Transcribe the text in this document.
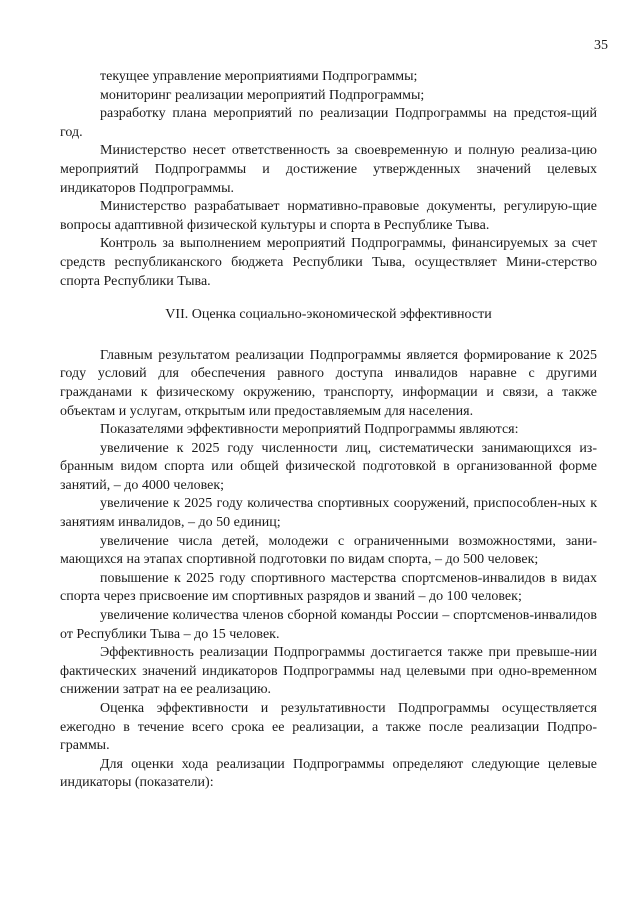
35

текущее управление мероприятиями Подпрограммы;

мониторинг реализации мероприятий Подпрограммы;

разработку плана мероприятий по реализации Подпрограммы на предстоя-щий год.

Министерство несет ответственность за своевременную и полную реализа-цию мероприятий Подпрограммы и достижение утвержденных значений целевых индикаторов Подпрограммы.

Министерство разрабатывает нормативно-правовые документы, регулирую-щие вопросы адаптивной физической культуры и спорта в Республике Тыва.

Контроль за выполнением мероприятий Подпрограммы, финансируемых за счет средств республиканского бюджета Республики Тыва, осуществляет Мини-стерство спорта Республики Тыва.

VII. Оценка социально-экономической эффективности

Главным результатом реализации Подпрограммы является формирование к 2025 году условий для обеспечения равного доступа инвалидов наравне с другими гражданами к физическому окружению, транспорту, информации и связи, а также объектам и услугам, открытым или предоставляемым для населения.

Показателями эффективности мероприятий Подпрограммы являются:

увеличение к 2025 году численности лиц, систематически занимающихся из-бранным видом спорта или общей физической подготовкой в организованной форме занятий, – до 4000 человек;

увеличение к 2025 году количества спортивных сооружений, приспособлен-ных к занятиям инвалидов, – до 50 единиц;

увеличение числа детей, молодежи с ограниченными возможностями, зани-мающихся на этапах спортивной подготовки по видам спорта, – до 500 человек;

повышение к 2025 году спортивного мастерства спортсменов-инвалидов в видах спорта через присвоение им спортивных разрядов и званий – до 100 человек;

увеличение количества членов сборной команды России – спортсменов-инвалидов от Республики Тыва – до 15 человек.

Эффективность реализации Подпрограммы достигается также при превыше-нии фактических значений индикаторов Подпрограммы над целевыми при одно-временном снижении затрат на ее реализацию.

Оценка эффективности и результативности Подпрограммы осуществляется ежегодно в течение всего срока ее реализации, а также после реализации Подпро-граммы.

Для оценки хода реализации Подпрограммы определяют следующие целевые индикаторы (показатели):
